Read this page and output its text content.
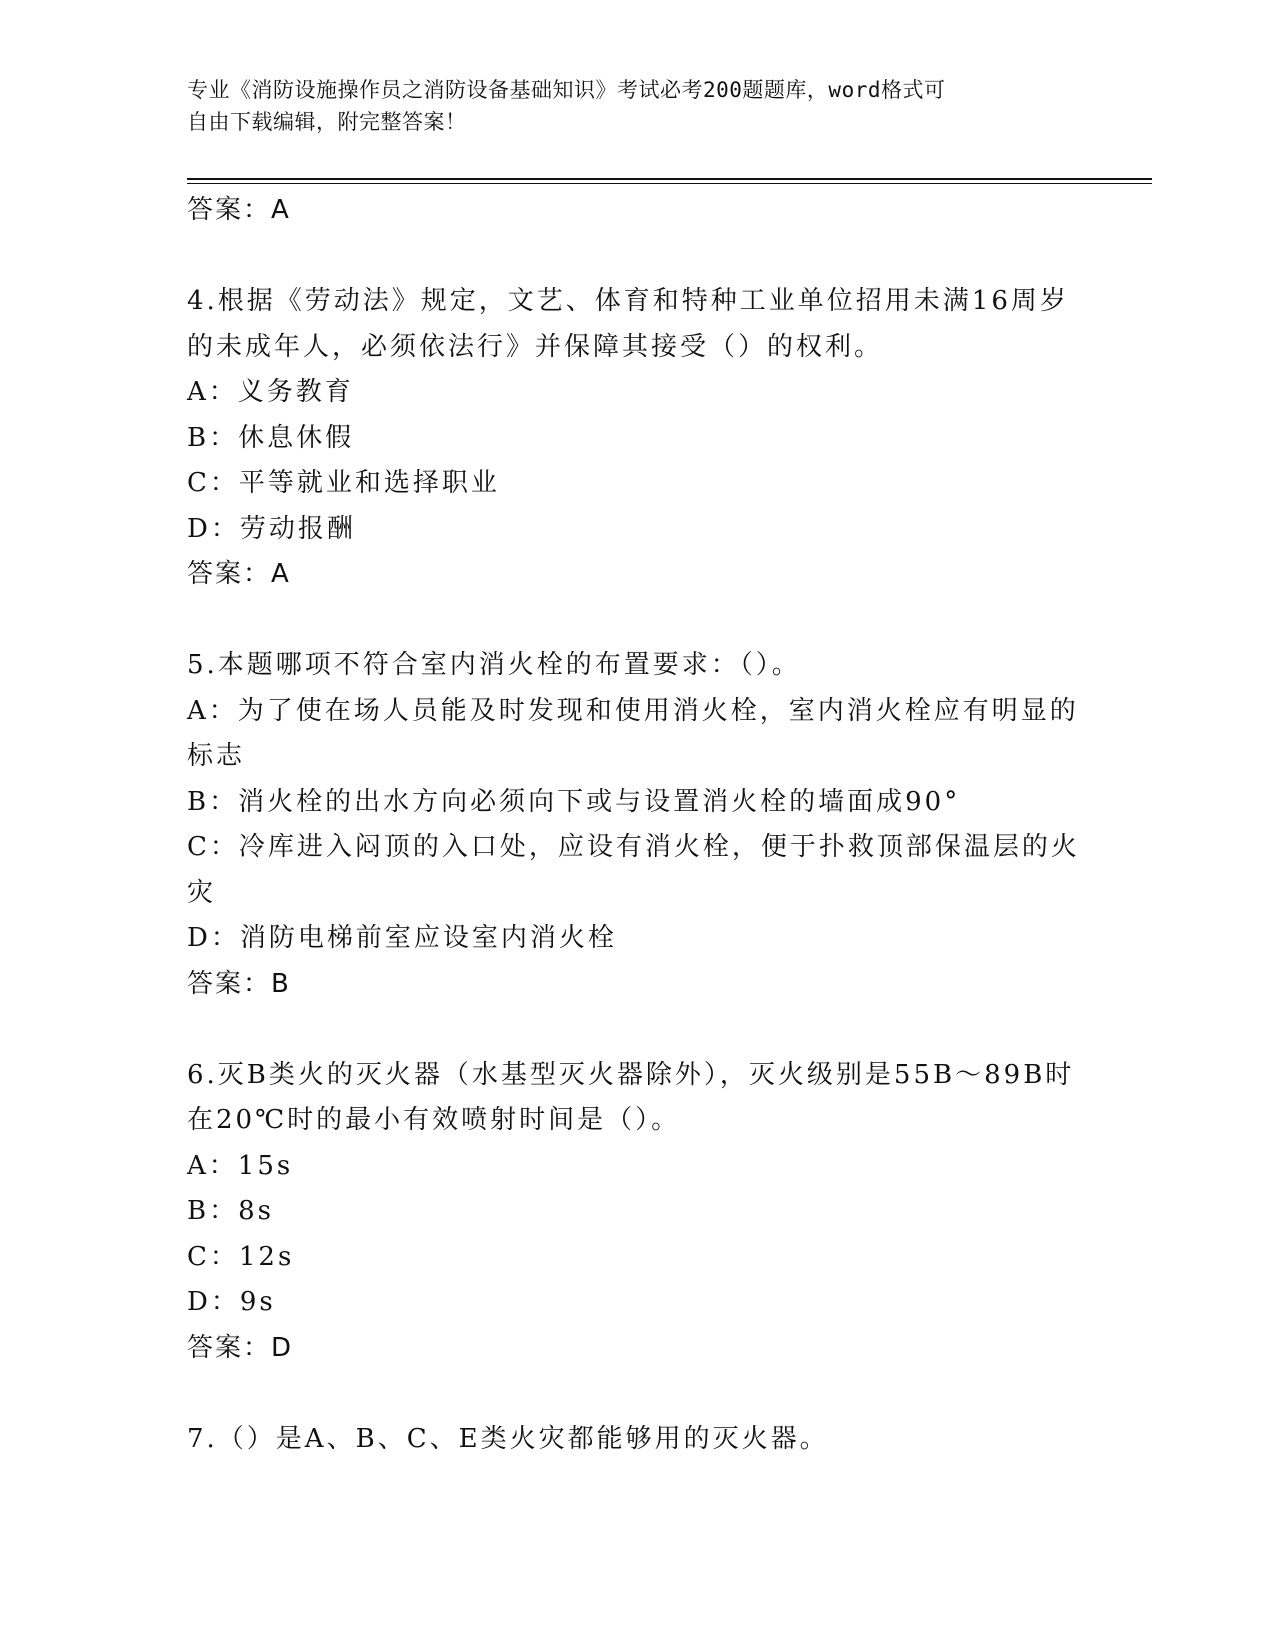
专业《消防设施操作员之消防设备基础知识》考试必考200题题库，word格式可
自由下载编辑，附完整答案！
答案：A
4.根据《劳动法》规定，文艺、体育和特种工业单位招用未满16周岁
的未成年人，必须依法行》并保障其接受（）的权利。
A：义务教育
B：休息休假
C：平等就业和选择职业
D：劳动报酬
答案：A
5.本题哪项不符合室内消火栓的布置要求：（）。
A：为了使在场人员能及时发现和使用消火栓，室内消火栓应有明显的
标志
B：消火栓的出水方向必须向下或与设置消火栓的墙面成90°
C：冷库进入闷顶的入口处，应设有消火栓，便于扑救顶部保温层的火
灾
D：消防电梯前室应设室内消火栓
答案：B
6.灭B类火的灭火器（水基型灭火器除外），灭火级别是55B～89B时
在20℃时的最小有效喷射时间是（）。
A：15s
B：8s
C：12s
D：9s
答案：D
7.（）是A、B、C、E类火灾都能够用的灭火器。
